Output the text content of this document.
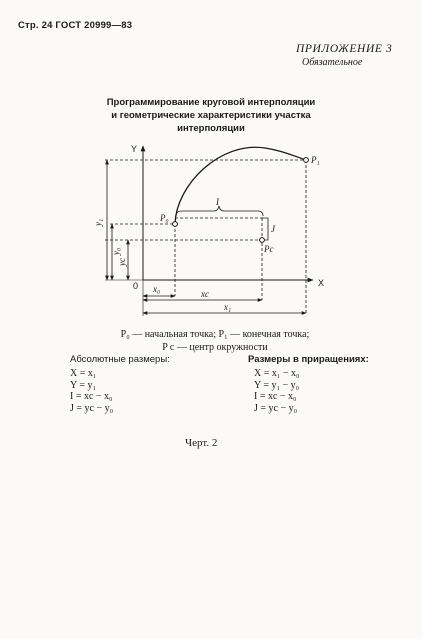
Стр. 24 ГОСТ 20999—83
ПРИЛОЖЕНИЕ 3
Обязательное
Программирование круговой интерполяции
и геометрические характеристики участка
интерполяции
Y
X
0
P₀
P₁
Pc
I
J
y₁
y₀
yc
x₀	xc
x₁
P₀ — начальная точка; P₁ — конечная точка;
P c — центр окружности
Абсолютные размеры:
X = x₁
Y = y₁
I = xc − x₀
J = yc − y₀
Размеры в приращениях:
X = x₁ − x₀
Y = y₁ − y₀
I = xc − x₀
J = yc − y₀
Черт. 2
